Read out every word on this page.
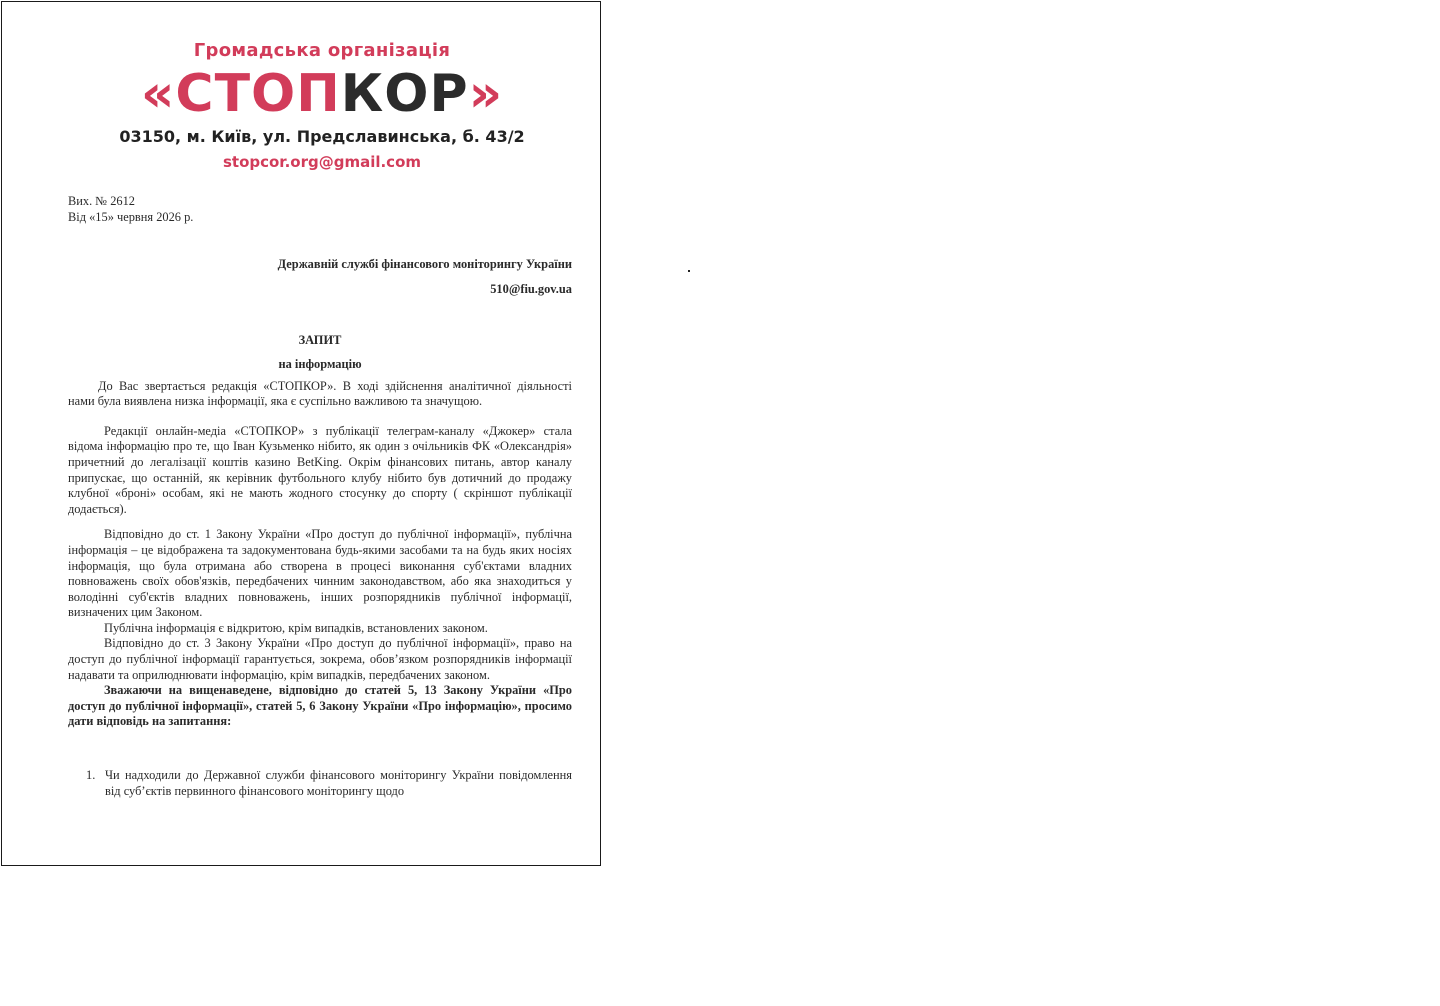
Громадська організація

«СТОПКОР»

03150, м. Київ, ул. Предславинська, б. 43/2

stopcor.org@gmail.com

Вих. № 2612

Від «15» червня 2026 р.

Державній службі фінансового моніторингу України

510@fiu.gov.ua

ЗАПИТ
на інформацію

До Вас звертається редакція «СТОПКОР». В ході здійснення аналітичної діяльності нами була виявлена низка інформації, яка є суспільно важливою та значущою.

Редакції онлайн-медіа «СТОПКОР» з публікації телеграм-каналу «Джокер» стала відома інформацію про те, що Іван Кузьменко нібито, як один з очільників ФК «Олександрія» причетний до легалізації коштів казино BetKing. Окрім фінансових питань, автор каналу припускає, що останній, як керівник футбольного клубу нібито був дотичний до продажу клубної «броні» особам, які не мають жодного стосунку до спорту ( скріншот публікації додається).

Відповідно до ст. 1 Закону України «Про доступ до публічної інформації», публічна інформація – це відображена та задокументована будь-якими засобами та на будь яких носіях інформація, що була отримана або створена в процесі виконання суб'єктами владних повноважень своїх обов'язків, передбачених чинним законодавством, або яка знаходиться у володінні суб'єктів владних повноважень, інших розпорядників публічної інформації, визначених цим Законом.

Публічна інформація є відкритою, крім випадків, встановлених законом.

Відповідно до ст. 3 Закону України «Про доступ до публічної інформації», право на доступ до публічної інформації гарантується, зокрема, обов’язком розпорядників інформації надавати та оприлюднювати інформацію, крім випадків, передбачених законом.

Зважаючи на вищенаведене, відповідно до статей 5, 13 Закону України «Про доступ до публічної інформації», статей 5, 6 Закону України «Про інформацію», просимо дати відповідь на запитання:

1. Чи надходили до Державної служби фінансового моніторингу України повідомлення від суб’єктів первинного фінансового моніторингу щодо
